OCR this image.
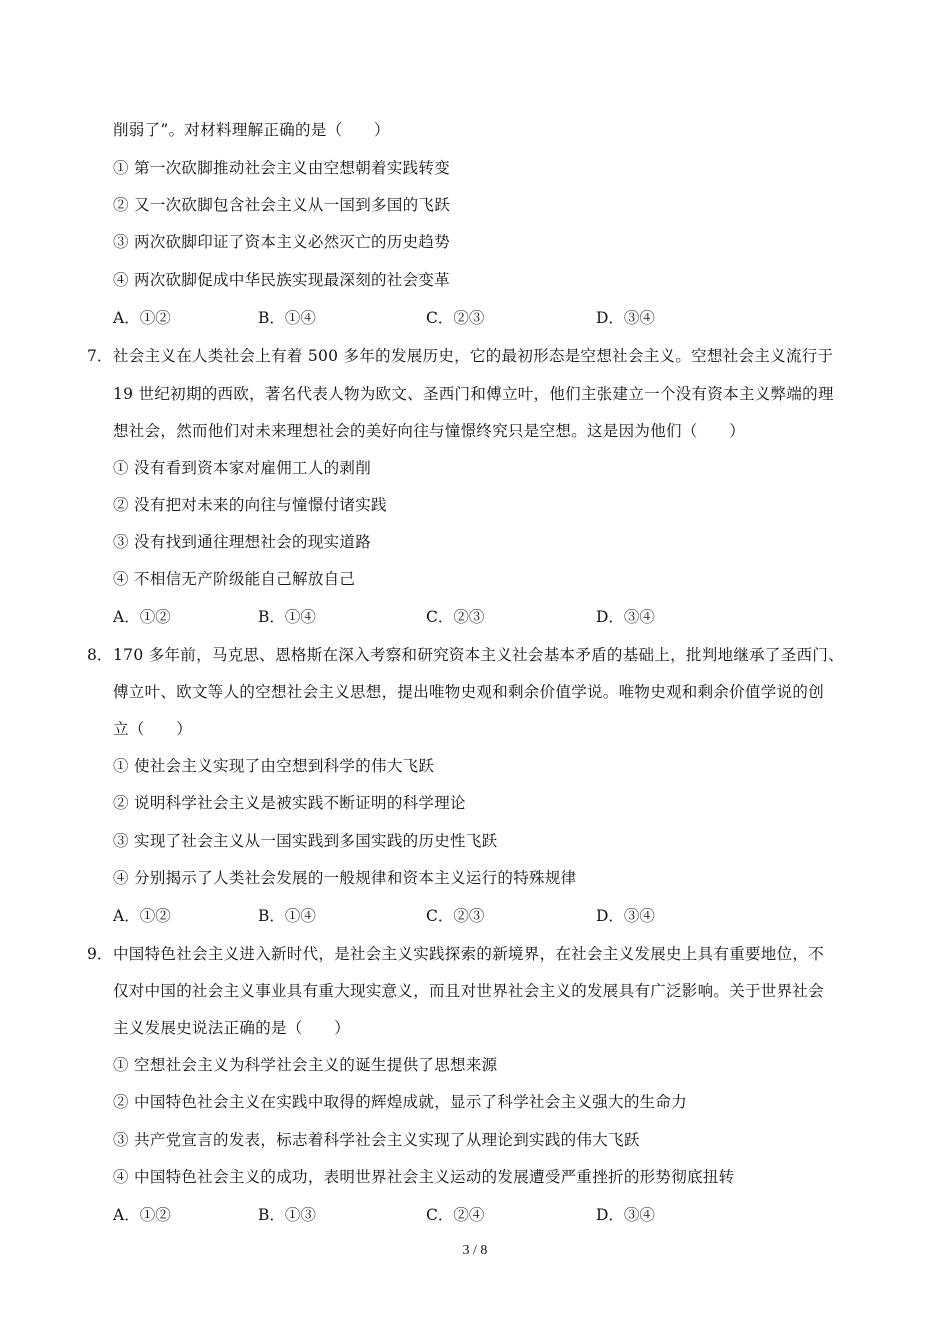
削弱了”。对材料理解正确的是（　　）
① 第一次砍脚推动社会主义由空想朝着实践转变
② 又一次砍脚包含社会主义从一国到多国的飞跃
③ 两次砍脚印证了资本主义必然灭亡的历史趋势
④ 两次砍脚促成中华民族实现最深刻的社会变革
A．①②	B．①④	C．②③	D．③④
7． 社会主义在人类社会上有着 500 多年的发展历史，它的最初形态是空想社会主义。空想社会主义流行于
19 世纪初期的西欧，著名代表人物为欧文、圣西门和傅立叶，他们主张建立一个没有资本主义弊端的理
想社会，然而他们对未来理想社会的美好向往与憧憬终究只是空想。这是因为他们（　　）
① 没有看到资本家对雇佣工人的剥削
② 没有把对未来的向往与憧憬付诸实践
③ 没有找到通往理想社会的现实道路
④ 不相信无产阶级能自己解放自己
A．①②	B．①④	C．②③	D．③④
8． 170 多年前，马克思、恩格斯在深入考察和研究资本主义社会基本矛盾的基础上，批判地继承了圣西门、
傅立叶、欧文等人的空想社会主义思想，提出唯物史观和剩余价值学说。唯物史观和剩余价值学说的创
立（　　）
① 使社会主义实现了由空想到科学的伟大飞跃
② 说明科学社会主义是被实践不断证明的科学理论
③ 实现了社会主义从一国实践到多国实践的历史性飞跃
④ 分别揭示了人类社会发展的一般规律和资本主义运行的特殊规律
A．①②	B．①④	C．②③	D．③④
9． 中国特色社会主义进入新时代，是社会主义实践探索的新境界，在社会主义发展史上具有重要地位，不
仅对中国的社会主义事业具有重大现实意义，而且对世界社会主义的发展具有广泛影响。关于世界社会
主义发展史说法正确的是（　　）
① 空想社会主义为科学社会主义的诞生提供了思想来源
② 中国特色社会主义在实践中取得的辉煌成就，显示了科学社会主义强大的生命力
③ 共产党宣言的发表，标志着科学社会主义实现了从理论到实践的伟大飞跃
④ 中国特色社会主义的成功，表明世界社会主义运动的发展遭受严重挫折的形势彻底扭转
A．①②	B．①③	C．②④	D．③④
3 / 8
